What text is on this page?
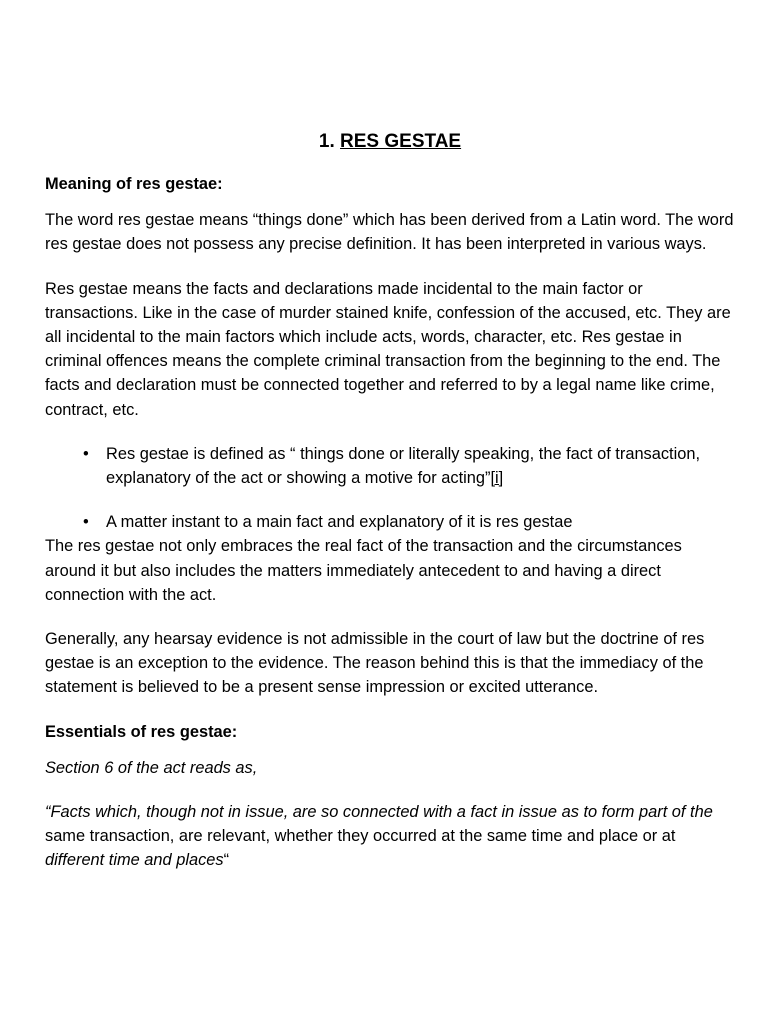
1. RES GESTAE
Meaning of res gestae:

The word res gestae means “things done” which has been derived from a Latin word. The word res gestae does not possess any precise definition. It has been interpreted in various ways.

Res gestae means the facts and declarations made incidental to the main factor or transactions. Like in the case of murder stained knife, confession of the accused, etc. They are all incidental to the main factors which include acts, words, character, etc. Res gestae in criminal offences means the complete criminal transaction from the beginning to the end. The facts and declaration must be connected together and referred to by a legal name like crime, contract, etc.

• Res gestae is defined as “ things done or literally speaking, the fact of transaction, explanatory of the act or showing a motive for acting”[i]
• A matter instant to a main fact and explanatory of it is res gestae

The res gestae not only embraces the real fact of the transaction and the circumstances around it but also includes the matters immediately antecedent to and having a direct connection with the act.

Generally, any hearsay evidence is not admissible in the court of law but the doctrine of res gestae is an exception to the evidence. The reason behind this is that the immediacy of the statement is believed to be a present sense impression or excited utterance.

Essentials of res gestae:

Section 6 of the act reads as,

“Facts which, though not in issue, are so connected with a fact in issue as to form part of the same transaction, are relevant, whether they occurred at the same time and place or at different time and places“
